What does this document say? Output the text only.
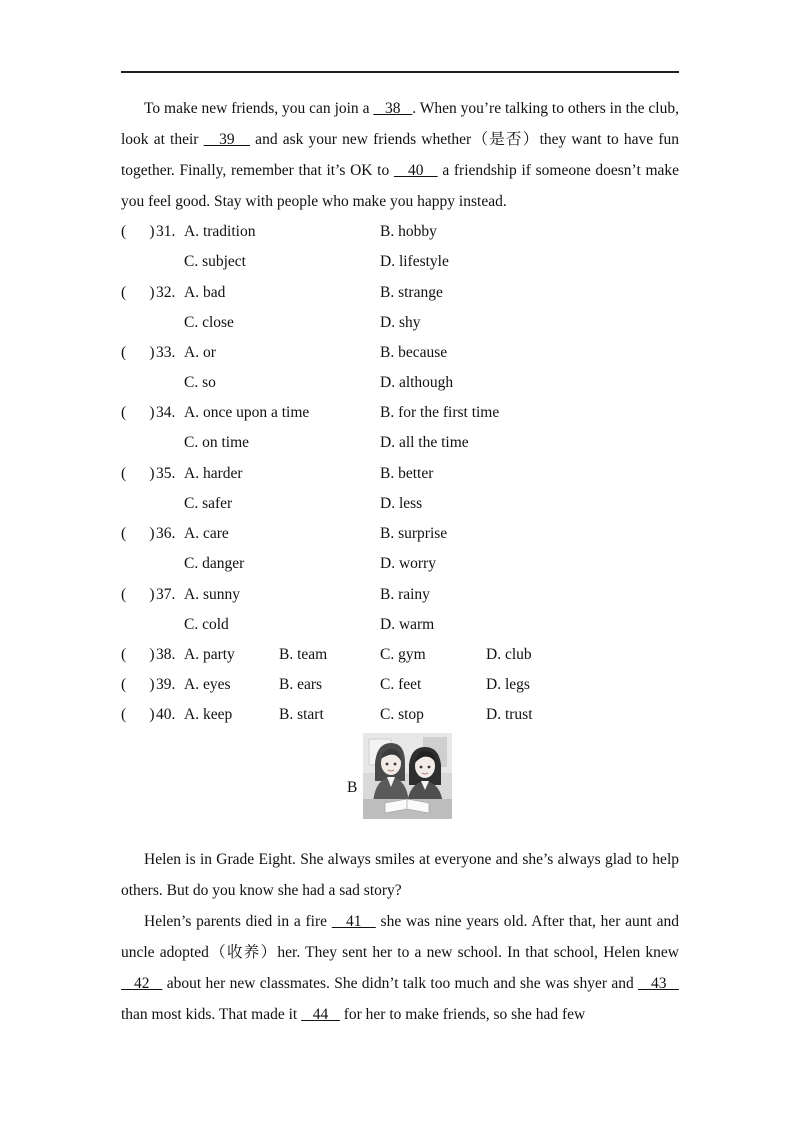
To make new friends, you can join a    38   . When you’re talking to others in the club, look at their    39    and ask your new friends whether（是否）they want to have fun together. Finally, remember that it’s OK to    40    a friendship if someone doesn’t make you feel good. Stay with people who make you happy instead.

(      ) 31. A. tradition	B. hobby
C. subject	D. lifestyle
(      ) 32. A. bad	B. strange
C. close	D. shy
(      ) 33. A. or	B. because
C. so	D. although
(      ) 34. A. once upon a time	B. for the first time
C. on time	D. all the time
(      ) 35. A. harder	B. better
C. safer	D. less
(      ) 36. A. care	B. surprise
C. danger	D. worry
(      ) 37. A. sunny	B. rainy
C. cold	D. warm
(      ) 38. A. party	B. team	C. gym	D. club
(      ) 39. A. eyes	B. ears	C. feet	D. legs
(      ) 40. A. keep	B. start	C. stop	D. trust
B

Helen is in Grade Eight. She always smiles at everyone and she’s always glad to help others. But do you know she had a sad story?

Helen’s parents died in a fire    41    she was nine years old. After that, her aunt and uncle adopted（收养）her. They sent her to a new school. In that school, Helen knew    42    about her new classmates. She didn’t talk too much and she was shyer and    43    than most kids. That made it    44    for her to make friends, so she had few
